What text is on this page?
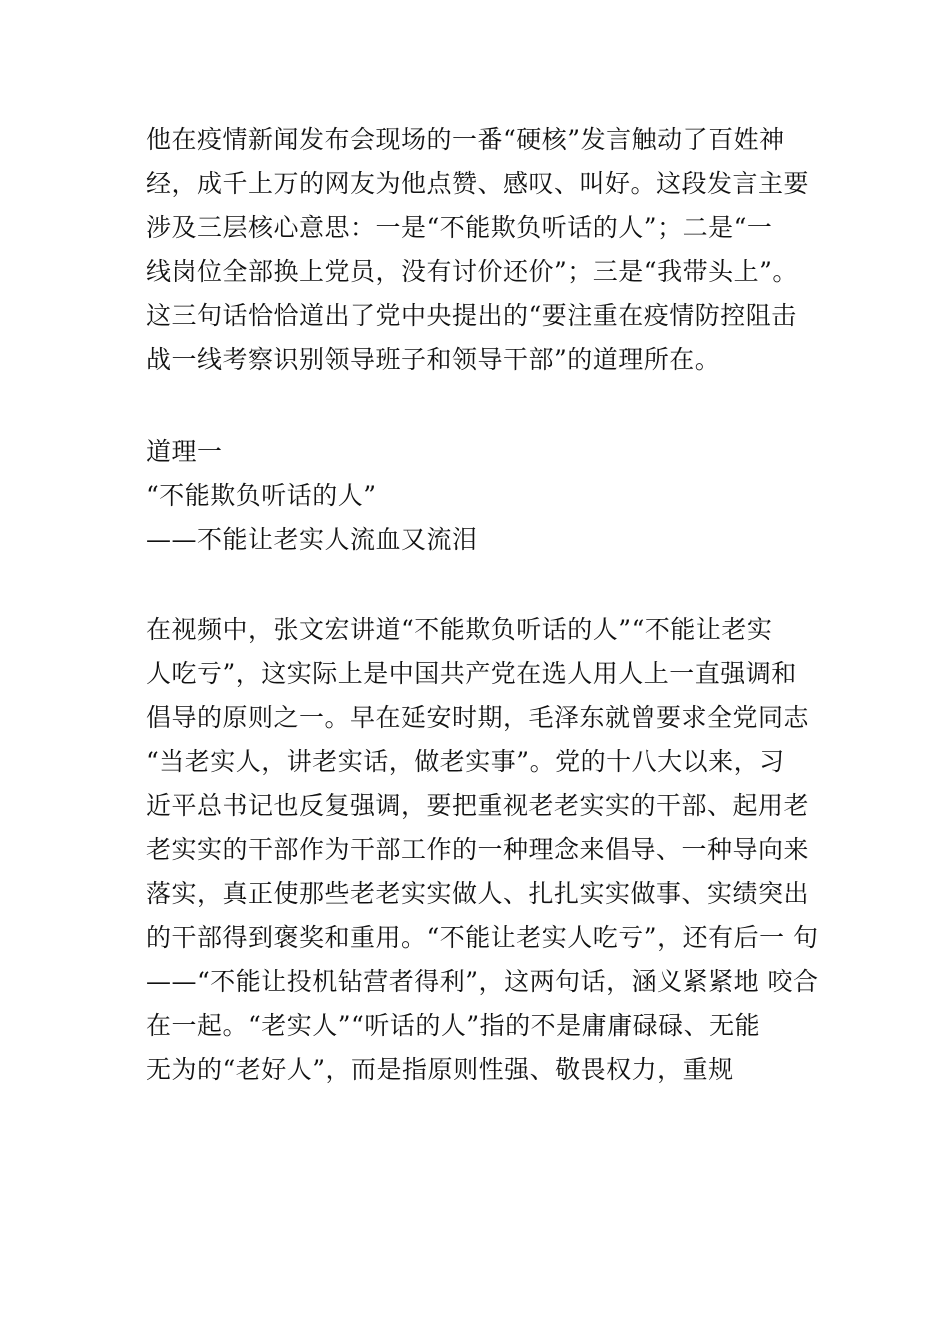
他在疫情新闻发布会现场的一番“硬核”发言触动了百姓神
经，成千上万的网友为他点赞、感叹、叫好。这段发言主要
涉及三层核心意思：一是“不能欺负听话的人”；二是“一
线岗位全部换上党员，没有讨价还价”；三是“我带头上”。
这三句话恰恰道出了党中央提出的“要注重在疫情防控阻击
战一线考察识别领导班子和领导干部”的道理所在。
道理一
“不能欺负听话的人”
——不能让老实人流血又流泪
在视频中，张文宏讲道“不能欺负听话的人”“不能让老实
人吃亏”，这实际上是中国共产党在选人用人上一直强调和
倡导的原则之一。早在延安时期，毛泽东就曾要求全党同志
“当老实人，讲老实话，做老实事”。党的十八大以来，习
近平总书记也反复强调，要把重视老老实实的干部、起用老
老实实的干部作为干部工作的一种理念来倡导、一种导向来
落实，真正使那些老老实实做人、扎扎实实做事、实绩突出
的干部得到褒奖和重用。“不能让老实人吃亏”，还有后一 句
——“不能让投机钻营者得利”，这两句话，涵义紧紧地 咬合
在一起。“老实人”“听话的人”指的不是庸庸碌碌、无能
无为的“老好人”，而是指原则性强、敬畏权力，重规
